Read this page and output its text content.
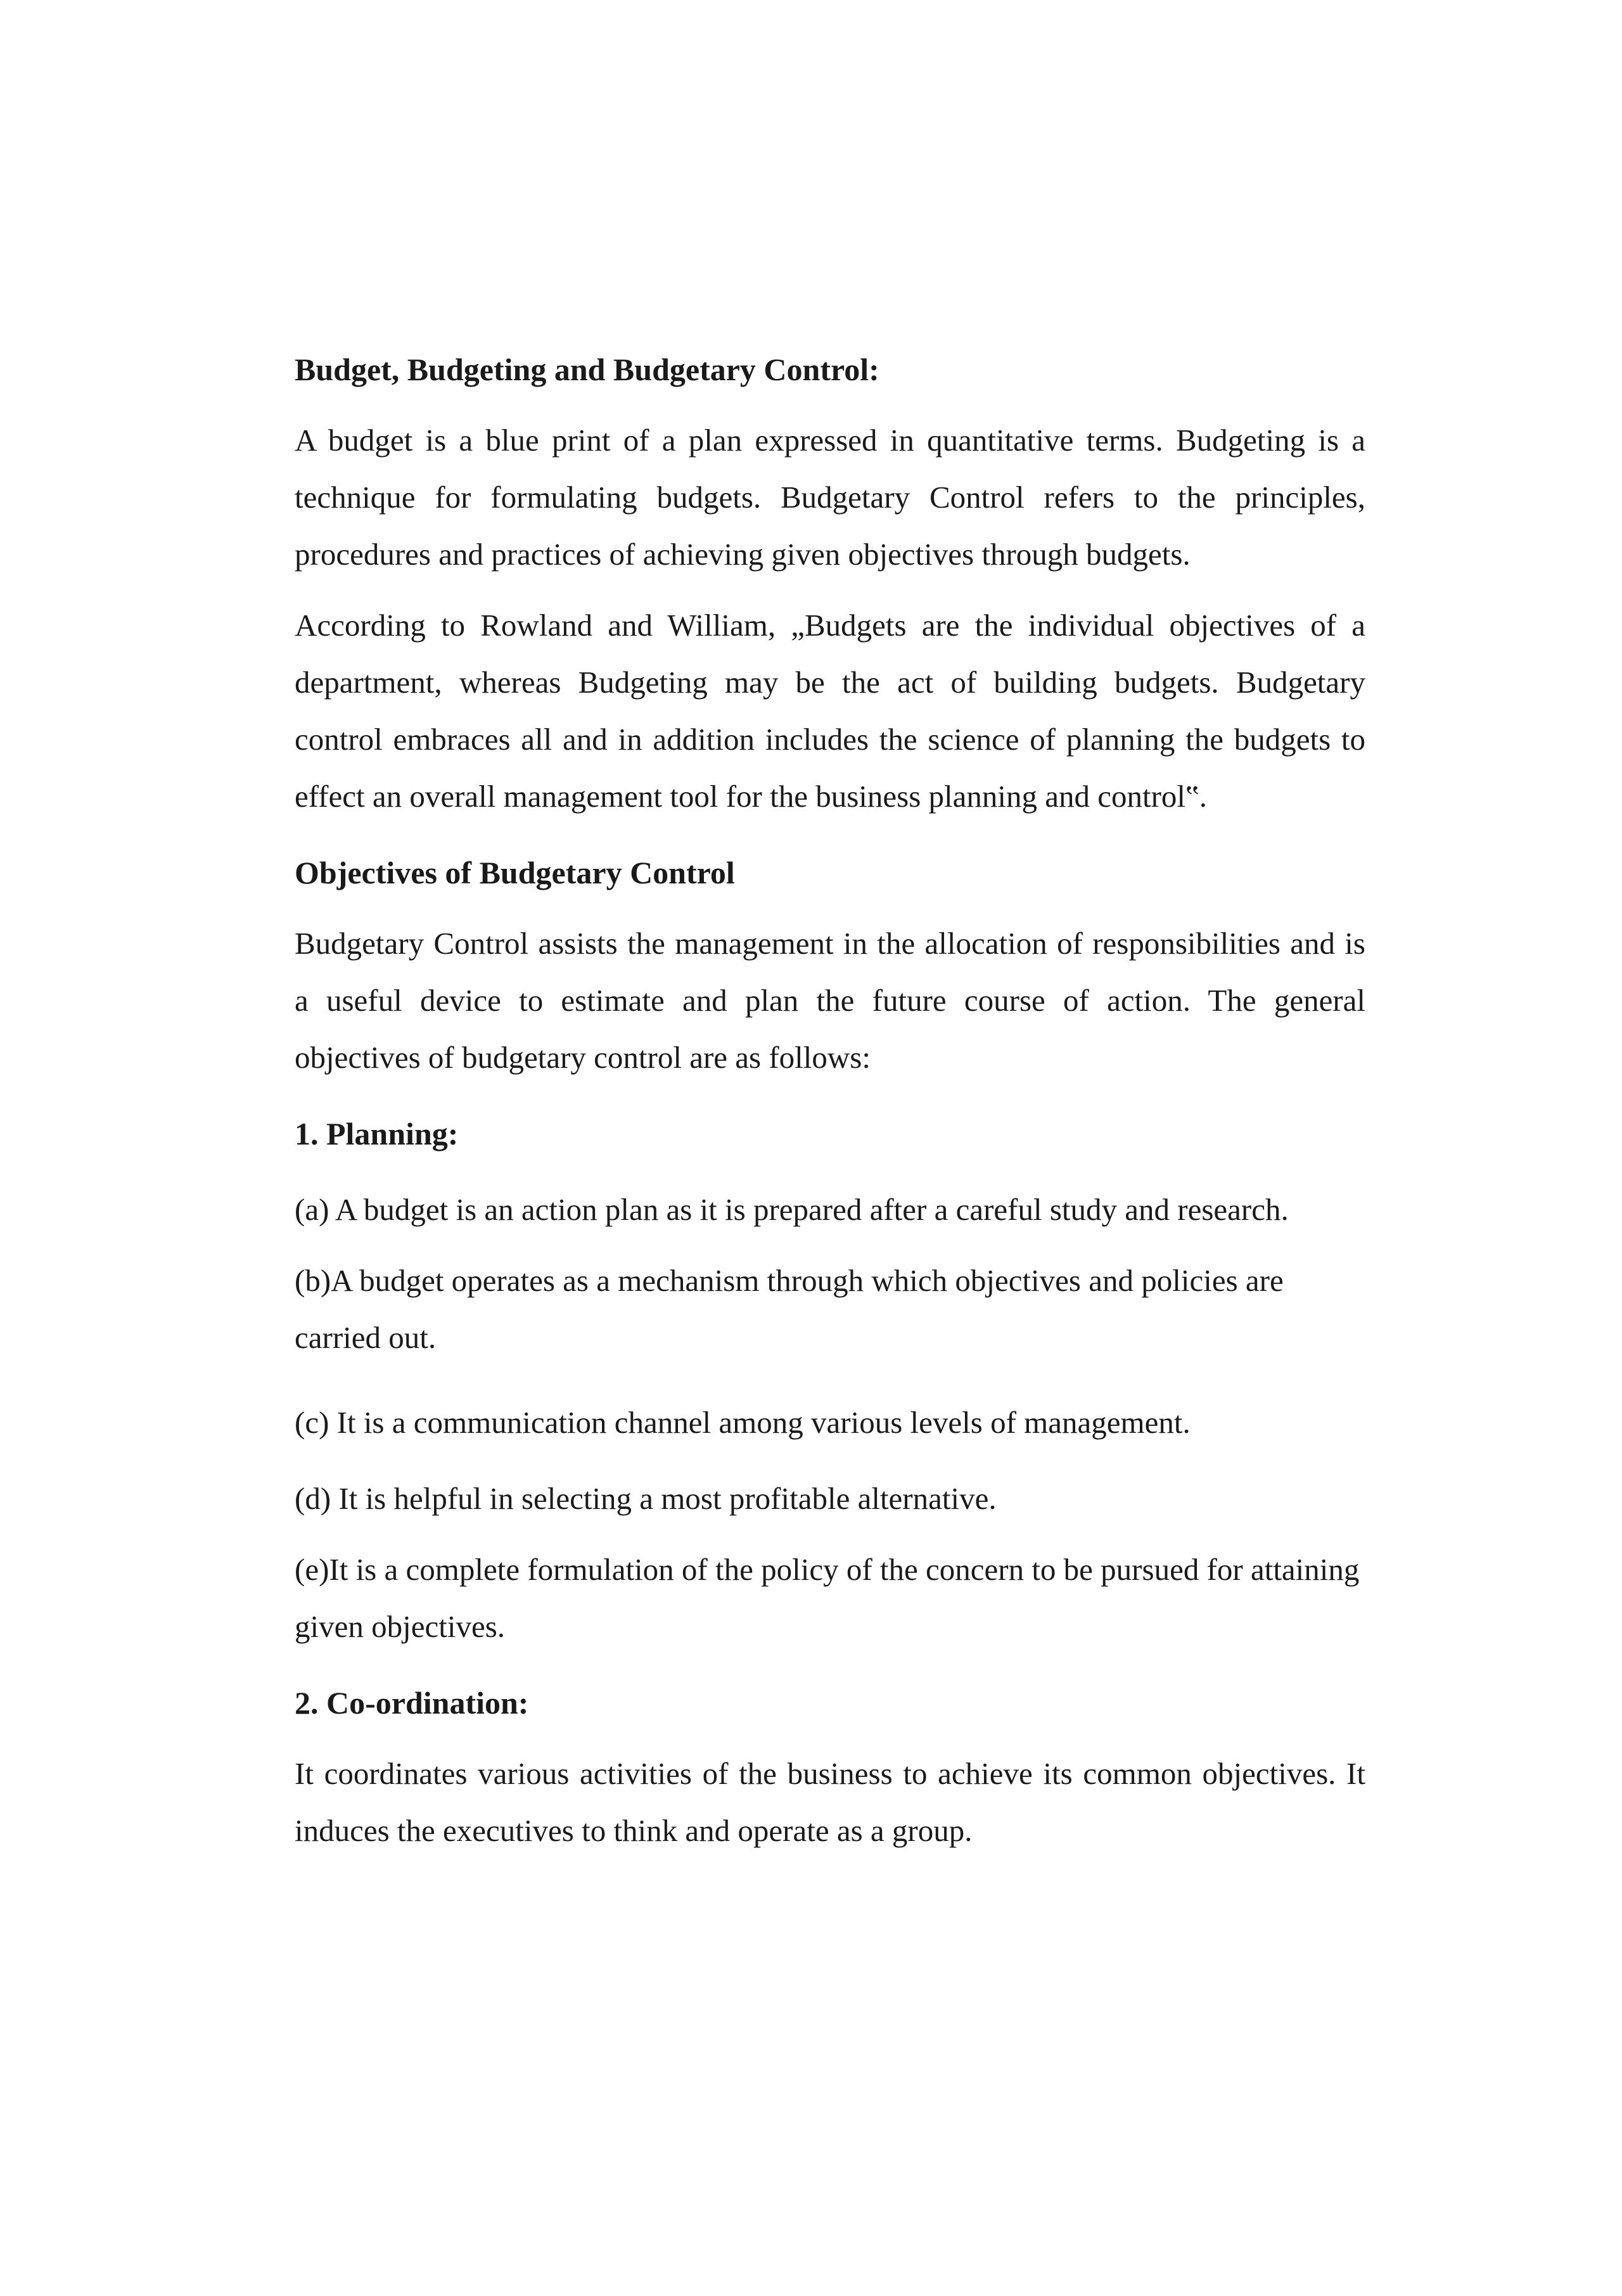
Budget, Budgeting and Budgetary Control:

A budget is a blue print of a plan expressed in quantitative terms. Budgeting is a technique for formulating budgets. Budgetary Control refers to the principles, procedures and practices of achieving given objectives through budgets.

According to Rowland and William, „Budgets are the individual objectives of a department, whereas Budgeting may be the act of building budgets. Budgetary control embraces all and in addition includes the science of planning the budgets to effect an overall management tool for the business planning and control‟.

Objectives of Budgetary Control

Budgetary Control assists the management in the allocation of responsibilities and is a useful device to estimate and plan the future course of action. The general objectives of budgetary control are as follows:

1. Planning:

(a) A budget is an action plan as it is prepared after a careful study and research.

(b)A budget operates as a mechanism through which objectives and policies are carried out.

(c) It is a communication channel among various levels of management.

(d) It is helpful in selecting a most profitable alternative.

(e)It is a complete formulation of the policy of the concern to be pursued for attaining given objectives.

2. Co-ordination:

It coordinates various activities of the business to achieve its common objectives. It induces the executives to think and operate as a group.
